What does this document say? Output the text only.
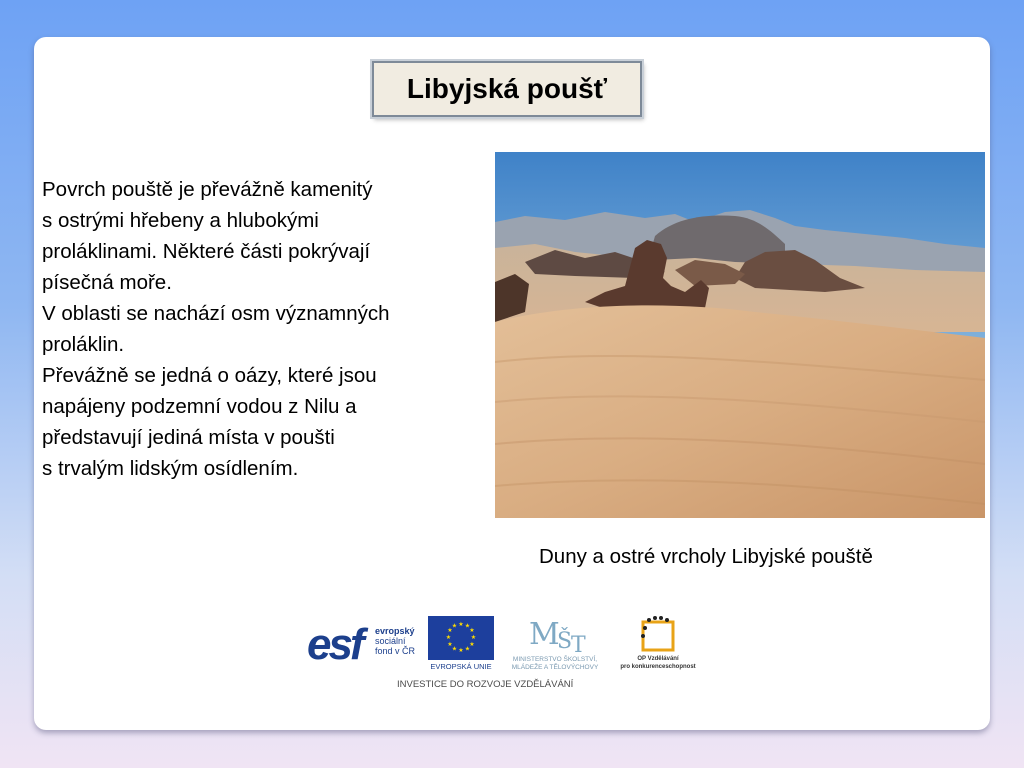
Libyjská poušť
Povrch pouště je převážně kamenitý
s ostrými hřebeny a hlubokými
proláklinami. Některé části pokrývají
písečná moře.
V oblasti se nachází osm významných
proláklin.
Převážně se jedná o oázy, které jsou
napájeny podzemní vodou z Nilu a
představují jediná místa v poušti
s trvalým lidským osídlením.
Duny a ostré vrcholy Libyjské pouště
esf evropský
sociální
fond v ČR
★ ★
★
★
★
★
★
★
★
★
★
★
EVROPSKÁ UNIE
M
Š
T
MINISTERSTVO ŠKOLSTVÍ,
MLÁDEŽE A TĚLOVÝCHOVY
OP Vzdělávání
pro konkurenceschopnost
INVESTICE DO ROZVOJE VZDĚLÁVÁNÍ
